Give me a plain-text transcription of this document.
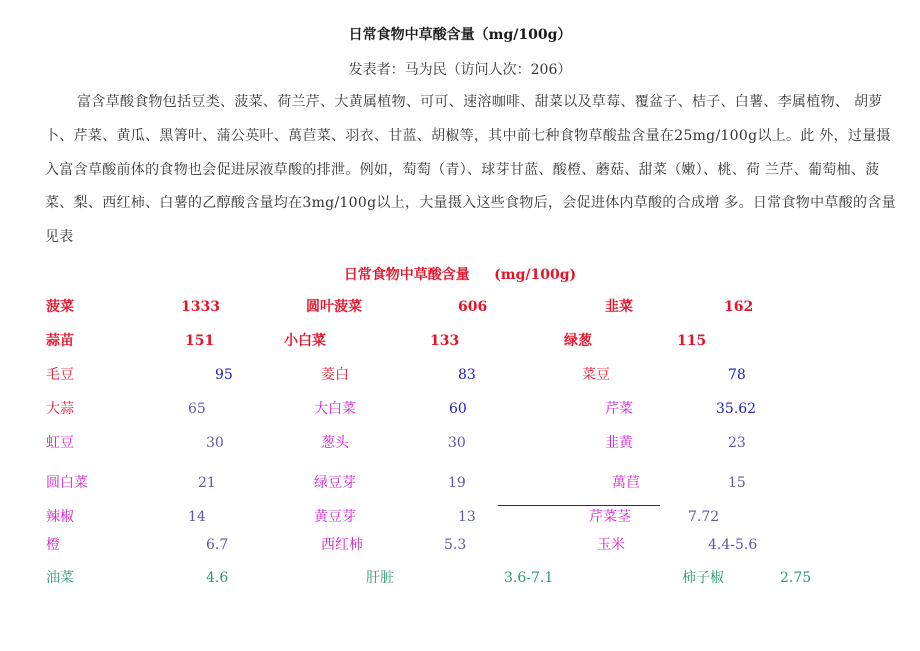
日常食物中草酸含量（mg/100g）
发表者：马为民（访问人次：206）

富含草酸食物包括豆类、菠菜、荷兰芹、大黄属植物、可可、速溶咖啡、甜菜以及草莓、覆盆子、桔子、白薯、李属植物、 胡萝卜、芹菜、黄瓜、黑箐叶、蒲公英叶、萬苣菜、羽衣、甘蓝、胡椒等，其中前七种食物草酸盐含量在25mg/100g以上。此 外，过量摄入富含草酸前体的食物也会促进尿液草酸的排泄。例如，萄萄（青）、球芽甘蓝、酸橙、蘑菇、甜菜（嫩）、桃、荷 兰芹、葡萄柚、菠菜、梨、西红柿、白薯的乙醇酸含量均在3mg/100g以上，大量摄入这些食物后，会促进体内草酸的合成增 多。日常食物中草酸的含量见表

日常食物中草酸含量     (mg/100g)
菠菜	1333	圆叶菠菜	606	韭菜	162
蒜苗	151	小白菜	133	绿葱	115
毛豆	95	菱白	83	菜豆	78
大蒜	65	大白菜	60	芹菜	35.62
虹豆	30	葱头	30	韭黄	23
圆白菜	21	绿豆芽	19	萬苣	15
辣椒	14	黄豆芽	13	芹菜茎	7.72
橙	6.7	西红柿	5.3	玉米	4.4-5.6
油菜	4.6	肝脏	3.6-7.1	柿子椒	2.75
